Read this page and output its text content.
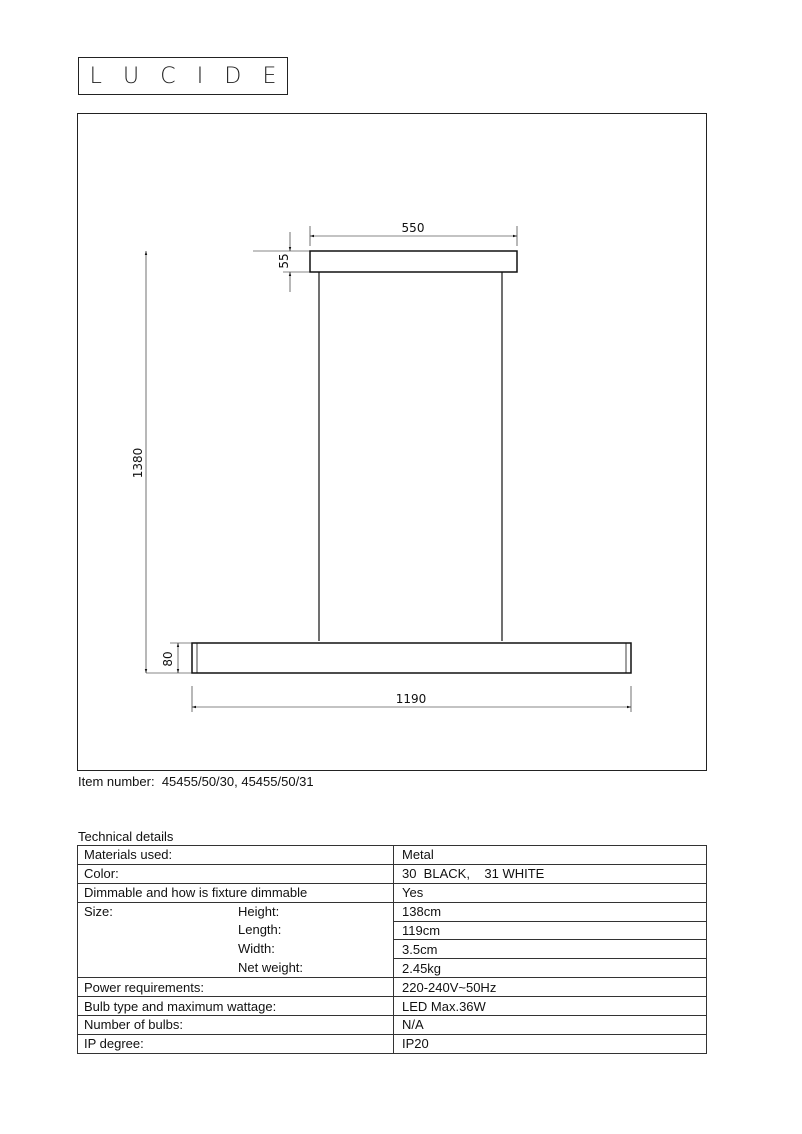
L U C I D E
550
55
1380
80
1190
Item number: 45455/50/30, 45455/50/31
Technical details
Materials used:	Metal
Color:	30  BLACK,    31 WHITE
Dimmable and how is fixture dimmable	Yes
Size: Height:	138cm

Length:	119cm

Width:	3.5cm

Net weight:	2.45kg
Power requirements:	220-240V~50Hz
Bulb type and maximum wattage:	LED Max.36W
Number of bulbs:	N/A
IP degree:	IP20
